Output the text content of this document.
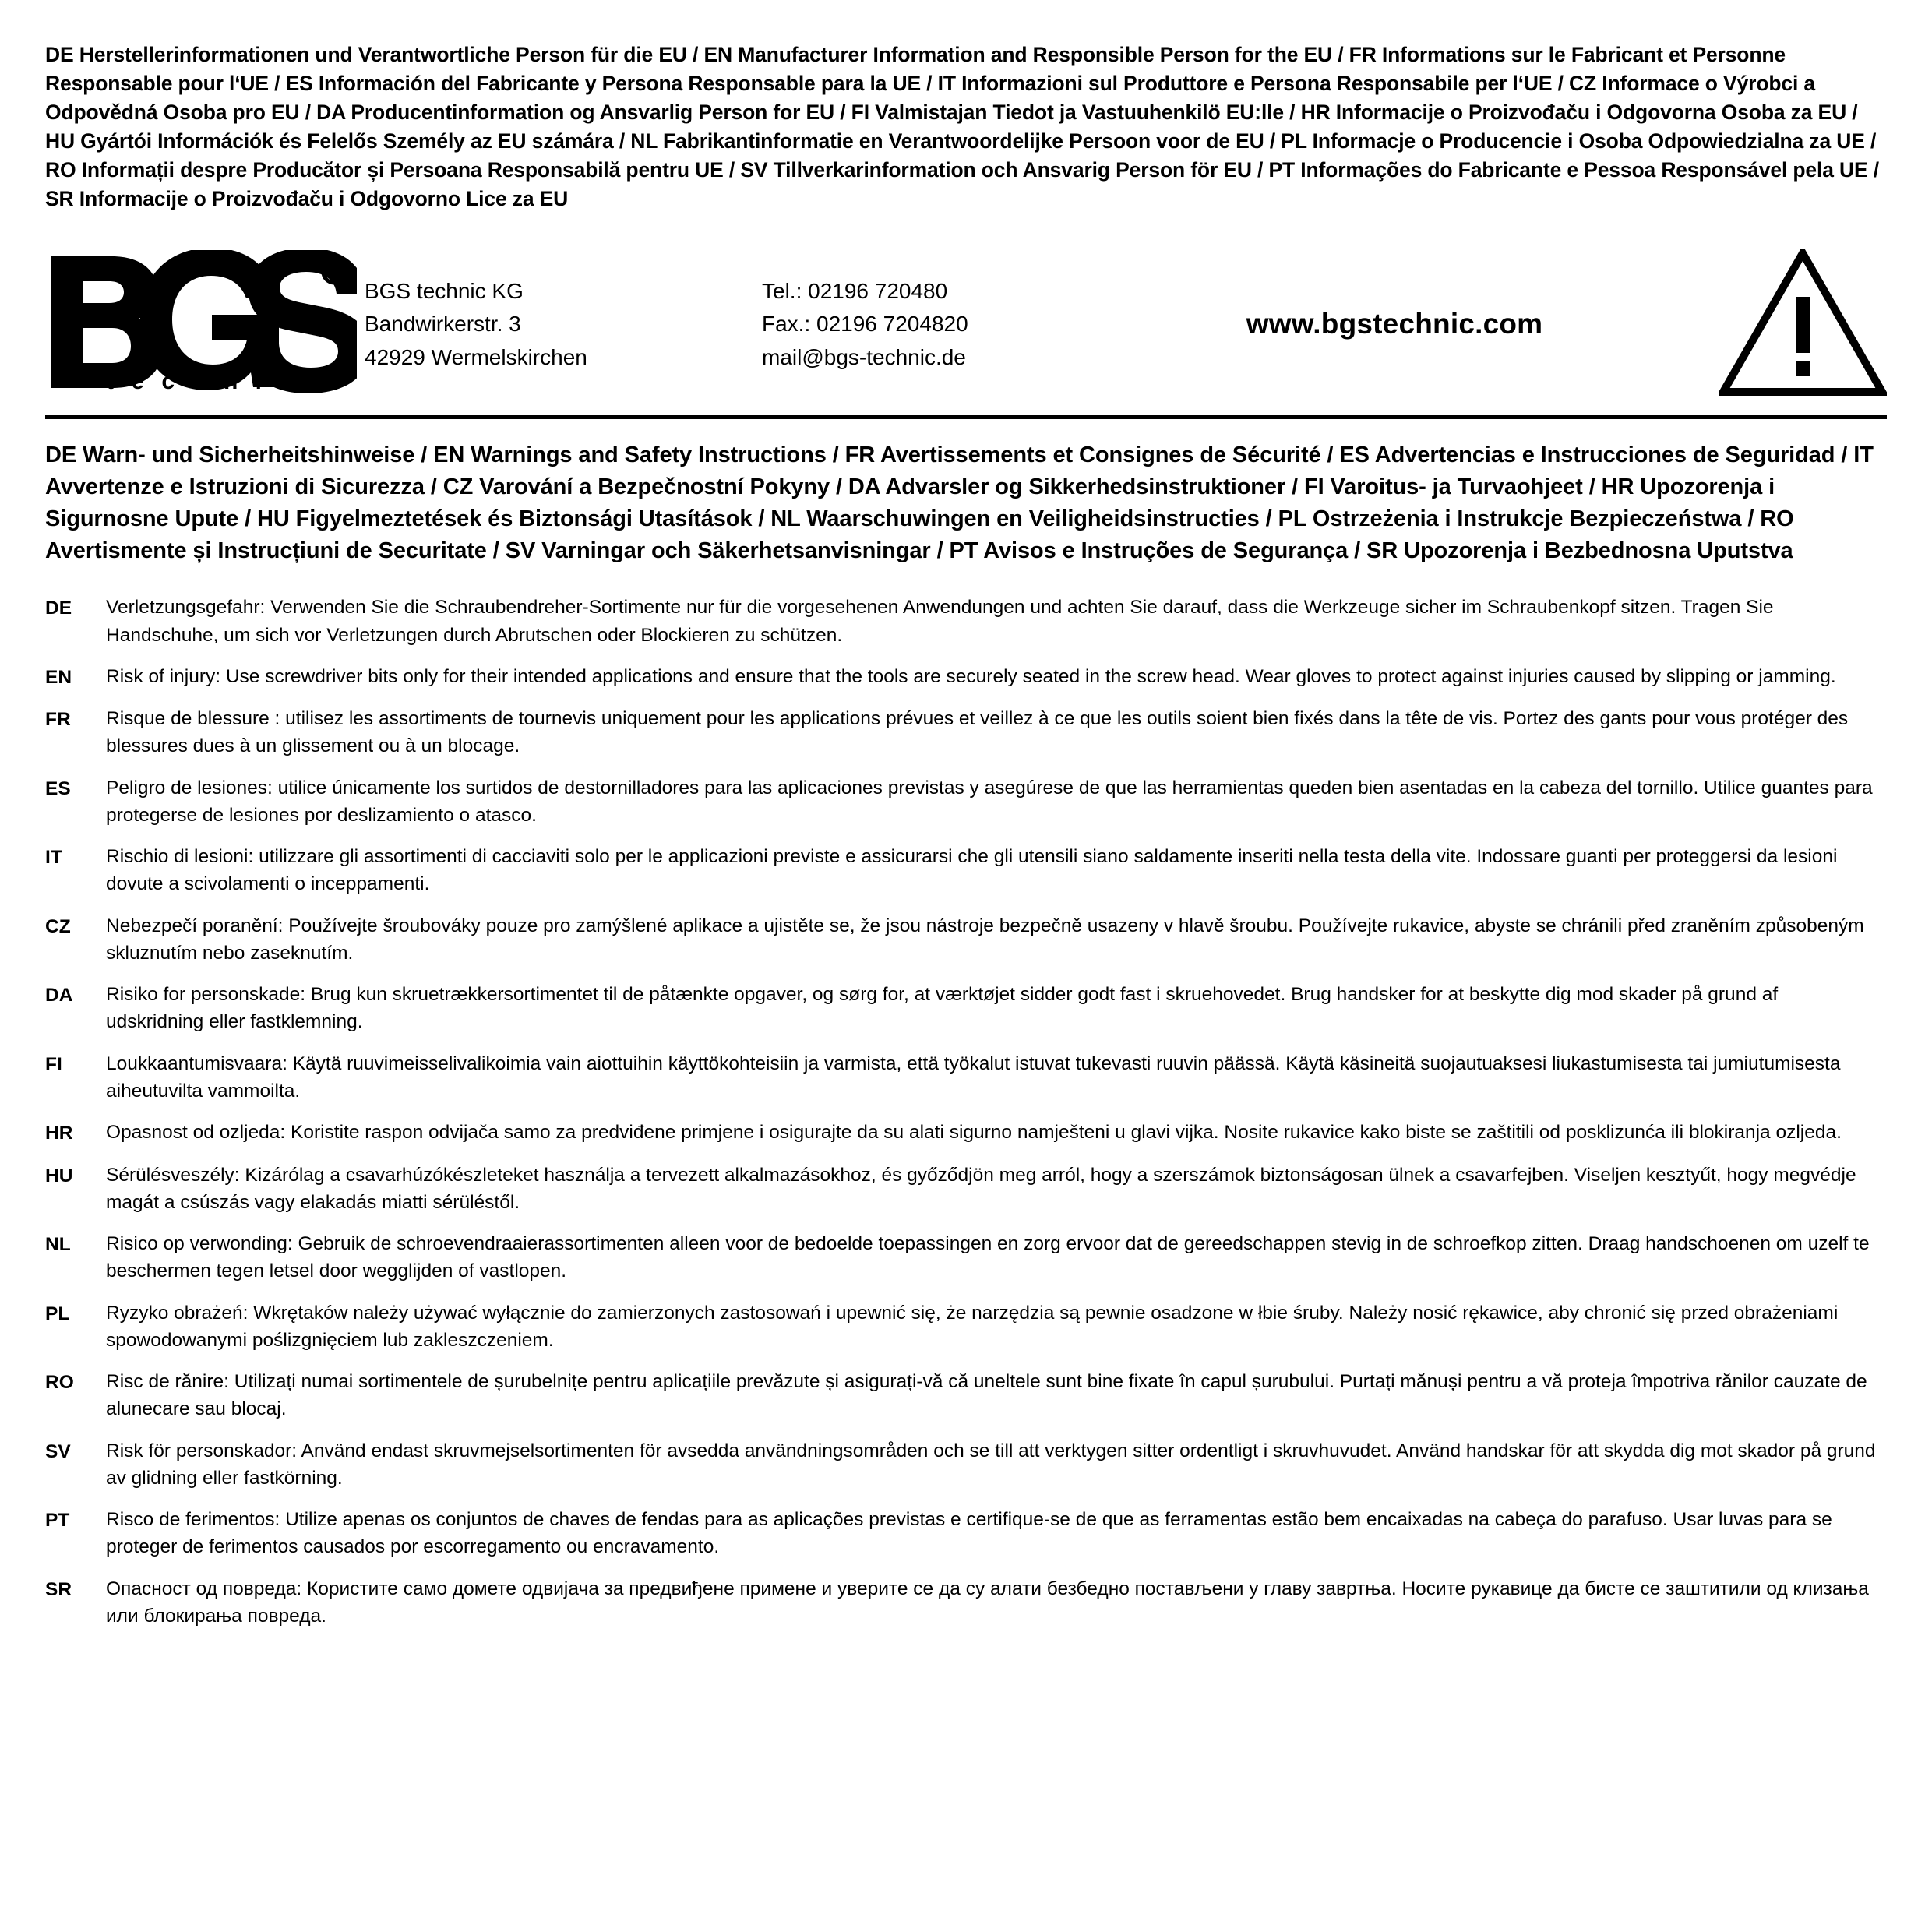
DE Herstellerinformationen und Verantwortliche Person für die EU / EN Manufacturer Information and Responsible Person for the EU / FR Informations sur le Fabricant et Personne Responsable pour l‘UE / ES Información del Fabricante y Persona Responsable para la UE / IT Informazioni sul Produttore e Persona Responsabile per l‘UE / CZ Informace o Výrobci a Odpovědná Osoba pro EU / DA Producentinformation og Ansvarlig Person for EU / FI Valmistajan Tiedot ja Vastuuhenkilö EU:lle / HR Informacije o Proizvođaču i Odgovorna Osoba za EU / HU Gyártói Információk és Felelős Személy az EU számára / NL Fabrikantinformatie en Verantwoordelijke Persoon voor de EU / PL Informacje o Producencie i Osoba Odpowiedzialna za UE / RO Informații despre Producător și Persoana Responsabilă pentru UE / SV Tillverkarinformation och Ansvarig Person för EU / PT Informações do Fabricante e Pessoa Responsável pela UE / SR Informacije o Proizvođaču i Odgovorno Lice za EU
R
t e c h n i c
BGS technic KG
Bandwirkerstr. 3
42929 Wermelskirchen
Tel.: 02196 720480
Fax.: 02196 7204820
mail@bgs-technic.de
www.bgstechnic.com
DE Warn- und Sicherheitshinweise / EN Warnings and Safety Instructions / FR Avertissements et Consignes de Sécurité / ES Advertencias e Instrucciones de Seguridad / IT Avvertenze e Istruzioni di Sicurezza / CZ Varování a Bezpečnostní Pokyny / DA Advarsler og Sikkerhedsinstruktioner / FI Varoitus- ja Turvaohjeet / HR Upozorenja i Sigurnosne Upute / HU Figyelmeztetések és Biztonsági Utasítások / NL Waarschuwingen en Veiligheidsinstructies / PL Ostrzeżenia i Instrukcje Bezpieczeństwa / RO Avertismente și Instrucțiuni de Securitate / SV Varningar och Säkerhetsanvisningar / PT Avisos e Instruções de Segurança / SR Upozorenja i Bezbednosna Uputstva
DE	Verletzungsgefahr: Verwenden Sie die Schraubendreher-Sortimente nur für die vorgesehenen Anwendungen und achten Sie darauf, dass die Werkzeuge sicher im Schraubenkopf sitzen. Tragen Sie Handschuhe, um sich vor Verletzungen durch Abrutschen oder Blockieren zu schützen.
EN	Risk of injury: Use screwdriver bits only for their intended applications and ensure that the tools are securely seated in the screw head. Wear gloves to protect against injuries caused by slipping or jamming.
FR	Risque de blessure : utilisez les assortiments de tournevis uniquement pour les applications prévues et veillez à ce que les outils soient bien fixés dans la tête de vis. Portez des gants pour vous protéger des blessures dues à un glissement ou à un blocage.
ES	Peligro de lesiones: utilice únicamente los surtidos de destornilladores para las aplicaciones previstas y asegúrese de que las herramientas queden bien asentadas en la cabeza del tornillo. Utilice guantes para protegerse de lesiones por deslizamiento o atasco.
IT	Rischio di lesioni: utilizzare gli assortimenti di cacciaviti solo per le applicazioni previste e assicurarsi che gli utensili siano saldamente inseriti nella testa della vite. Indossare guanti per proteggersi da lesioni dovute a scivolamenti o inceppamenti.
CZ	Nebezpečí poranění: Používejte šroubováky pouze pro zamýšlené aplikace a ujistěte se, že jsou nástroje bezpečně usazeny v hlavě šroubu. Používejte rukavice, abyste se chránili před zraněním způsobeným skluznutím nebo zaseknutím.
DA	Risiko for personskade: Brug kun skruetrækkersortimentet til de påtænkte opgaver, og sørg for, at værktøjet sidder godt fast i skruehovedet. Brug handsker for at beskytte dig mod skader på grund af udskridning eller fastklemning.
FI	Loukkaantumisvaara: Käytä ruuvimeisselivalikoimia vain aiottuihin käyttökohteisiin ja varmista, että työkalut istuvat tukevasti ruuvin päässä. Käytä käsineitä suojautuaksesi liukastumisesta tai jumiutumisesta aiheutuvilta vammoilta.
HR	Opasnost od ozljeda: Koristite raspon odvijača samo za predviđene primjene i osigurajte da su alati sigurno namješteni u glavi vijka. Nosite rukavice kako biste se zaštitili od posklizunća ili blokiranja ozljeda.
HU	Sérülésveszély: Kizárólag a csavarhúzókészleteket használja a tervezett alkalmazásokhoz, és győződjön meg arról, hogy a szerszámok biztonságosan ülnek a csavarfejben. Viseljen kesztyűt, hogy megvédje magát a csúszás vagy elakadás miatti sérüléstől.
NL	Risico op verwonding: Gebruik de schroevendraaierassortimenten alleen voor de bedoelde toepassingen en zorg ervoor dat de gereedschappen stevig in de schroefkop zitten. Draag handschoenen om uzelf te beschermen tegen letsel door wegglijden of vastlopen.
PL	Ryzyko obrażeń: Wkrętaków należy używać wyłącznie do zamierzonych zastosowań i upewnić się, że narzędzia są pewnie osadzone w łbie śruby. Należy nosić rękawice, aby chronić się przed obrażeniami spowodowanymi poślizgnięciem lub zakleszczeniem.
RO	Risc de rănire: Utilizați numai sortimentele de șurubelnițe pentru aplicațiile prevăzute și asigurați-vă că uneltele sunt bine fixate în capul șurubului. Purtați mănuși pentru a vă proteja împotriva rănilor cauzate de alunecare sau blocaj.
SV	Risk för personskador: Använd endast skruvmejselsortimenten för avsedda användningsområden och se till att verktygen sitter ordentligt i skruvhuvudet. Använd handskar för att skydda dig mot skador på grund av glidning eller fastkörning.
PT	Risco de ferimentos: Utilize apenas os conjuntos de chaves de fendas para as aplicações previstas e certifique-se de que as ferramentas estão bem encaixadas na cabeça do parafuso. Usar luvas para se proteger de ferimentos causados por escorregamento ou encravamento.
SR	Опасност од повреда: Користите само домете одвијача за предвиђене примене и уверите се да су алати безбедно постављени у главу завртња. Носите рукавице да бисте се заштитили од клизања или блокирања повреда.
